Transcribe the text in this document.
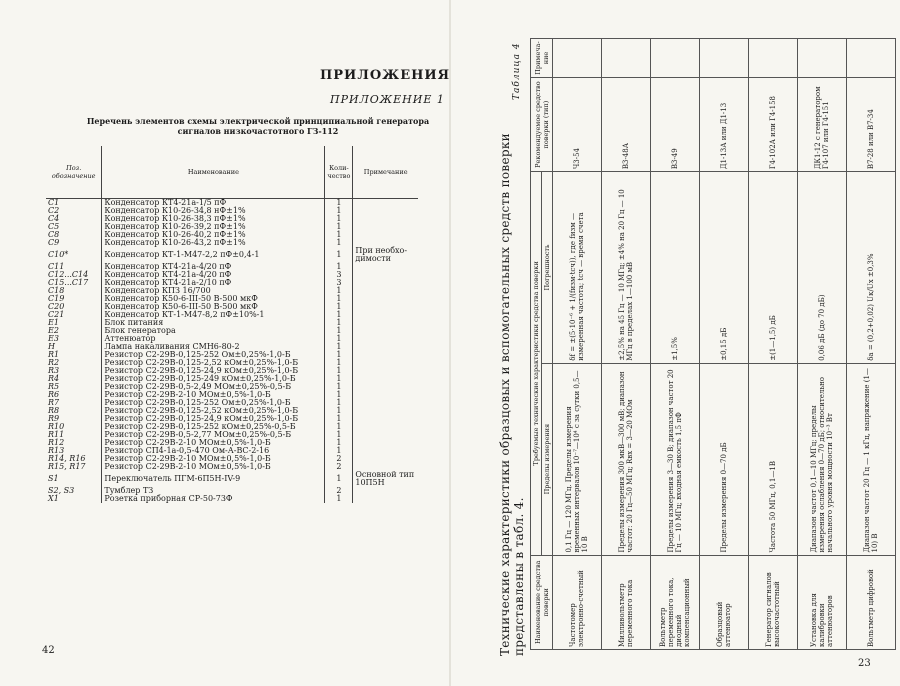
ПРИЛОЖЕНИЯ
ПРИЛОЖЕНИЕ 1
Перечень элементов схемы электрической принципиальной генератора сигналов низкочастотного ГЗ-112
Поз. обозначение	Наименование	Коли-чество	Примечание
C1	Конденсатор КТ4-21а-1/5 пФ	1	
C2	Конденсатор К10-26-34,8 нФ±1%	1	
C4	Конденсатор К10-26-38,3 пФ±1%	1	
C5	Конденсатор К10-26-39,2 пФ±1%	1	
C8	Конденсатор К10-26-40,2 пФ±1%	1	
C9	Конденсатор К10-26-43,2 пФ±1%	1	
C10*	Конденсатор КТ-1-М47-2,2 пФ±0,4-1	1	При необхо-димости
C11	Конденсатор КТ4-21а-4/20 пФ	1	
C12...C14	Конденсатор КТ4-21а-4/20 пФ	3	
C15...C17	Конденсатор КТ4-21а-2/10 пФ	3	
C18	Конденсатор КПЗ 16/700	1	
C19	Конденсатор К50-6-III-50 В-500 мкФ	1	
C20	Конденсатор К50-6-III-50 В-500 мкФ	1	
C21	Конденсатор КТ-1-М47-8,2 пФ±10%-1	1	
E1	Блок питания	1	
E2	Блок генератора	1	
E3	Аттенюатор	1	
H	Лампа накаливания СМН6-80-2	1	
R1	Резистор С2-29В-0,125-252 Ом±0,25%-1,0-Б	1	
R2	Резистор С2-29В-0,125-2,52 кОм±0,25%-1,0-Б	1	
R3	Резистор С2-29В-0,125-24,9 кОм±0,25%-1,0-Б	1	
R4	Резистор С2-29В-0,125-249 кОм±0,25%-1,0-Б	1	
R5	Резистор С2-29В-0,5-2,49 МОм±0,25%-0,5-Б	1	
R6	Резистор С2-29В-2-10 МОм±0,5%-1,0-Б	1	
R7	Резистор С2-29В-0,125-252 Ом±0,25%-1,0-Б	1	
R8	Резистор С2-29В-0,125-2,52 кОм±0,25%-1,0-Б	1	
R9	Резистор С2-29В-0,125-24,9 кОм±0,25%-1,0-Б	1	
R10	Резистор С2-29В-0,125-252 кОм±0,25%-0,5-Б	1	
R11	Резистор С2-29В-0,5-2,77 МОм±0,25%-0,5-Б	1	
R12	Резистор С2-29В-2-10 МОм±0,5%-1,0-Б	1	
R13	Резистор СП4-1а-0,5-470 Ом-А-ВС-2-16	1	
R14, R16	Резистор С2-29В-2-10 МОм±0,5%-1,0-Б	2	
R15, R17	Резистор С2-29В-2-10 МОм±0,5%-1,0-Б	2	
S1	Переключатель ПГМ-6П5Н-IV-9	1	Основной тип 10П5Н
S2, S3	Тумблер ТЗ	2	
X1	Розетка приборная СР-50-73Ф	1	
42	Технические характеристики образцовых и вспомогательных средств поверки представлены в табл. 4.
Таблица 4
Наименование средства поверки	Требуемые технические характеристики средства поверки		Рекомендуемое средство поверки (тип)	Примеча-ние
	Пределы измерения	Погрешность		
Частотомер электронно-счетный	0,1 Гц — 120 МГц. Пределы измерения временных интервалов 10⁻⁷—10⁴ с за сутки 0,5—10 В	δf = ±(5·10⁻⁶ + 1/(fизм·tсч)), где fизм — измеренная частота; tсч — время счета	Ч3-54	
Милливольтметр переменного тока	Пределы измерения 300 мкВ—300 мВ; диапазон частот: 20 Гц—50 МГц; Rвх = 3—20 МОм	±2,5% на 45 Гц — 10 МГц; ±4% на 20 Гц — 10 МГц в пределах 1—100 мВ	В3-48А	
Вольтметр переменного тока, диодный компенсационный	Пределы измерения 3—30 В; диапазон частот 20 Гц — 10 МГц; входная емкость 1,5 пФ	±1,5%	В3-49	
Образцовый аттенюатор	Пределы измерения 0—70 дБ	±0,15 дБ	Д1-13А или Д1-13	
Генератор сигналов высокочастотный	Частота 50 МГц, 0,1—1В	±(1—1,5) дБ	Г4-102А или Г4-158	
Установка для калибровки аттенюаторов	Диапазон частот 0,1—10 МГц; пределы измерения ослабления 0—70 дБ; относительно начального уровня мощности 10⁻³ Вт	0,06 дБ (до 70 дБ)	ДК1-12 с генератором Г4-107 или Г4-151	
Вольтметр цифровой	Диапазон частот 20 Гц — 1 кГц, напряжение (1—10) В	δа = (0,2+0,02) Uк/Ux ±0,3%	В7-28 или В7-34	
23
